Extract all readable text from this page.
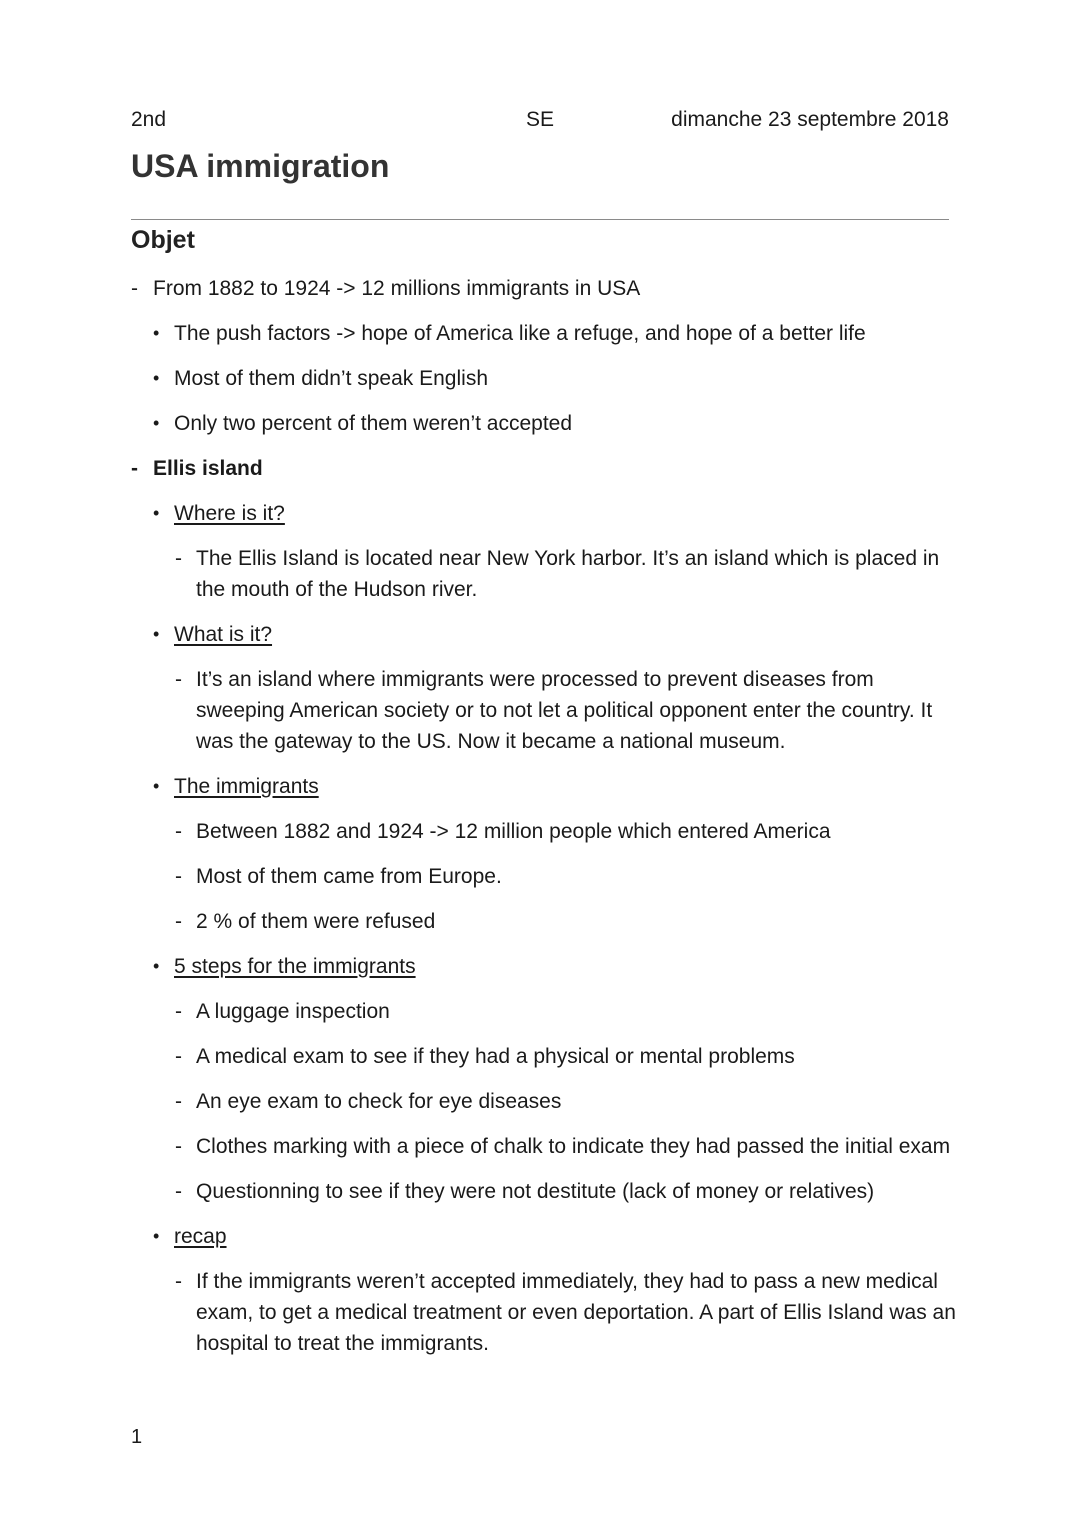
2nd	SE	dimanche 23 septembre 2018
USA immigration
Objet
- From 1882 to 1924 -> 12 millions immigrants in USA
• The push factors -> hope of America like a refuge, and hope of a better life
• Most of them didn’t speak English
• Only two percent of them weren’t accepted
- Ellis island
• Where is it?
- The Ellis Island is located near New York harbor. It’s an island which is placed in the mouth of the Hudson river.
• What is it?
- It’s an island where immigrants were processed to prevent diseases from sweeping American society or to not let a political opponent enter the country. It was the gateway to the US. Now it became a national museum.
• The immigrants
- Between 1882 and 1924 -> 12 million people which entered America
- Most of them came from Europe.
- 2 % of them were refused
• 5 steps for the immigrants
- A luggage inspection
- A medical exam to see if they had a physical or mental problems
- An eye exam to check for eye diseases
- Clothes marking with a piece of chalk to indicate they had passed the initial exam
- Questionning to see if they were not destitute (lack of money or relatives)
• recap
- If the immigrants weren’t accepted immediately, they had to pass a new medical exam, to get a medical treatment or even deportation. A part of Ellis Island was an hospital to treat the immigrants.
1
